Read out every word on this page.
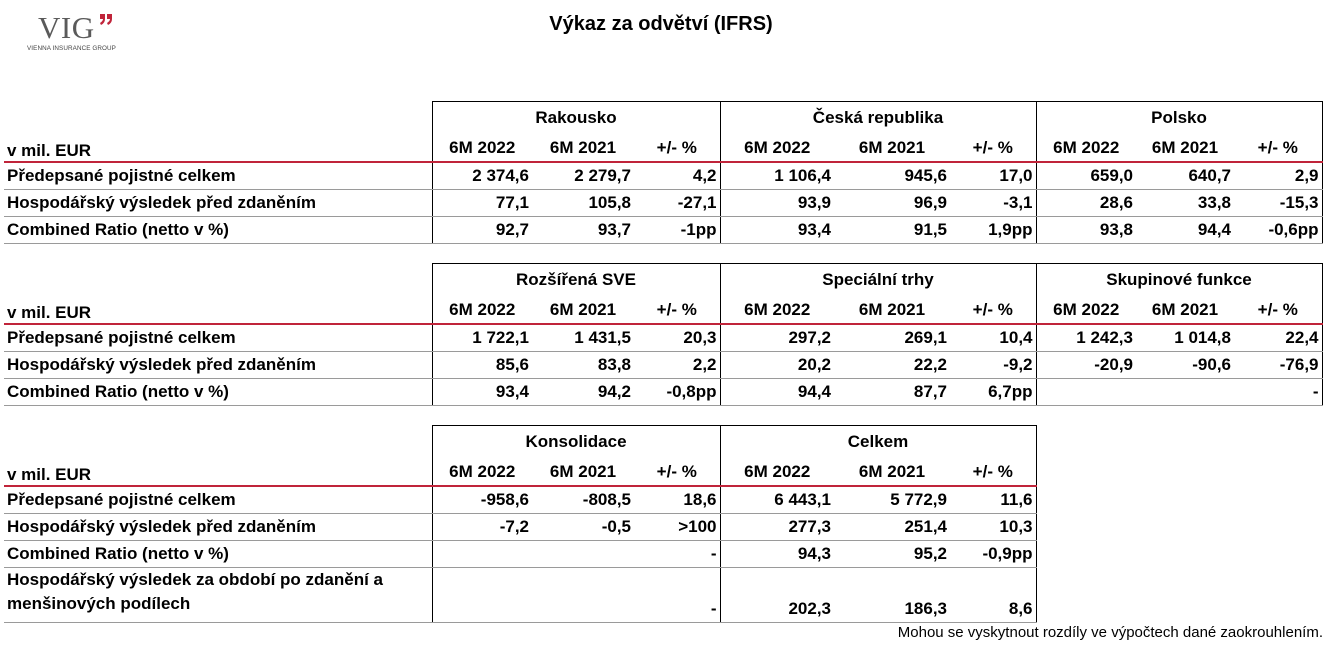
VIG
VIENNA INSURANCE GROUP
Výkaz za odvětví (IFRS)
	Rakousko			Česká republika			Polsko		
v mil. EUR	6M 2022	6M 2021	+/- %	6M 2022	6M 2021	+/- %	6M 2022	6M 2021	+/- %
Předepsané pojistné celkem	2 374,6	2 279,7	4,2	1 106,4	945,6	17,0	659,0	640,7	2,9
Hospodářský výsledek před zdaněním	77,1	105,8	-27,1	93,9	96,9	-3,1	28,6	33,8	-15,3
Combined Ratio (netto v %)	92,7	93,7	-1pp	93,4	91,5	1,9pp	93,8	94,4	-0,6pp
	Rozšířená SVE			Speciální trhy			Skupinové funkce		
v mil. EUR	6M 2022	6M 2021	+/- %	6M 2022	6M 2021	+/- %	6M 2022	6M 2021	+/- %
Předepsané pojistné celkem	1 722,1	1 431,5	20,3	297,2	269,1	10,4	1 242,3	1 014,8	22,4
Hospodářský výsledek před zdaněním	85,6	83,8	2,2	20,2	22,2	-9,2	-20,9	-90,6	-76,9
Combined Ratio (netto v %)	93,4	94,2	-0,8pp	94,4	87,7	6,7pp			-
	Konsolidace			Celkem		
v mil. EUR	6M 2022	6M 2021	+/- %	6M 2022	6M 2021	+/- %
Předepsané pojistné celkem	-958,6	-808,5	18,6	6 443,1	5 772,9	11,6
Hospodářský výsledek před zdaněním	-7,2	-0,5	>100	277,3	251,4	10,3
Combined Ratio (netto v %)			-	94,3	95,2	-0,9pp

Hospodářský výsledek za období po zdanění a
menšinových podílech			-	202,3	186,3	8,6
Mohou se vyskytnout rozdíly ve výpočtech dané zaokrouhlením.
